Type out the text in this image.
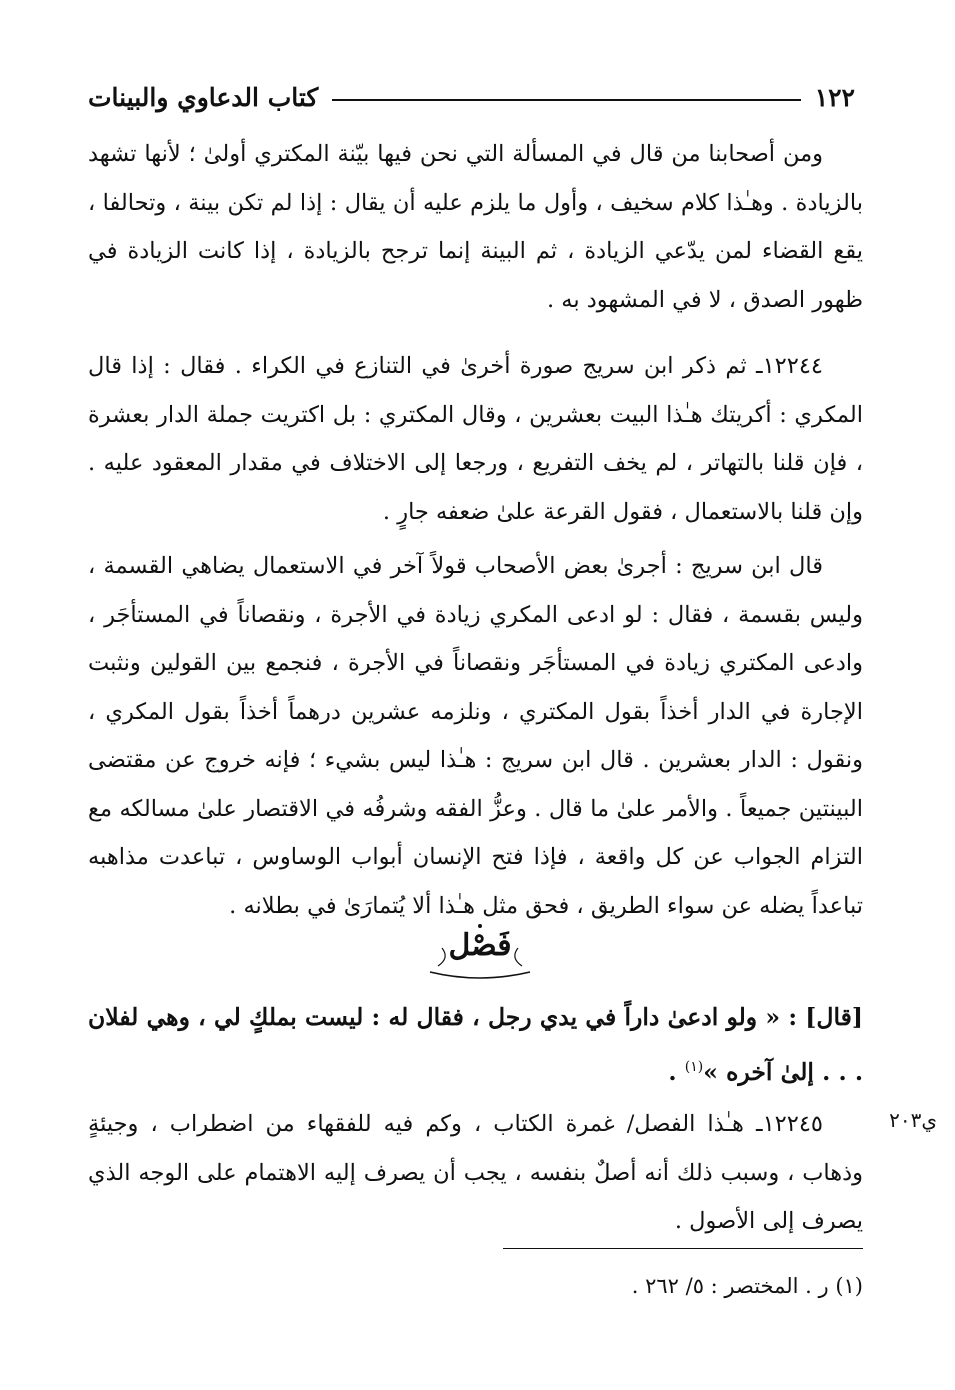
١٢٢
كتاب الدعاوي والبينات

ومن أصحابنا من قال في المسألة التي نحن فيها بيّنة المكتري أولىٰ ؛ لأنها تشهد بالزيادة . وهـٰذا كلام سخيف ، وأول ما يلزم عليه أن يقال : إذا لم تكن بينة ، وتحالفا ، يقع القضاء لمن يدّعي الزيادة ، ثم البينة إنما ترجح بالزيادة ، إذا كانت الزيادة في ظهور الصدق ، لا في المشهود به .

١٢٢٤٤ـ ثم ذكر ابن سريج صورة أخرىٰ في التنازع في الكراء . فقال : إذا قال المكري : أكريتك هـٰذا البيت بعشرين ، وقال المكتري : بل اكتريت جملة الدار بعشرة ، فإن قلنا بالتهاتر ، لم يخف التفريع ، ورجعا إلى الاختلاف في مقدار المعقود عليه . وإن قلنا بالاستعمال ، فقول القرعة علىٰ ضعفه جارٍ .

قال ابن سريج : أجرىٰ بعض الأصحاب قولاً آخر في الاستعمال يضاهي القسمة ، وليس بقسمة ، فقال : لو ادعى المكري زيادة في الأجرة ، ونقصاناً في المستأجَر ، وادعى المكتري زيادة في المستأجَر ونقصاناً في الأجرة ، فنجمع بين القولين ونثبت الإجارة في الدار أخذاً بقول المكتري ، ونلزمه عشرين درهماً أخذاً بقول المكري ، ونقول : الدار بعشرين . قال ابن سريج : هـٰذا ليس بشيء ؛ فإنه خروج عن مقتضى البينتين جميعاً . والأمر علىٰ ما قال . وعزُّ الفقه وشرفُه في الاقتصار علىٰ مسالكه مع التزام الجواب عن كل واقعة ، فإذا فتح الإنسان أبواب الوساوس ، تباعدت مذاهبه تباعداً يضله عن سواء الطريق ، فحق مثل هـٰذا ألا يُتمارَىٰ في بطلانه .

فَصْل
[قال] : « ولو ادعىٰ داراً في يدي رجل ، فقال له : ليست بملكٍ لي ، وهي لفلان . . . إلىٰ آخره »$^{(١)}$ .
ي٢٠٣

١٢٢٤٥ـ هـٰذا الفصل/ غمرة الكتاب ، وكم فيه للفقهاء من اضطراب ، وجيئةٍ وذهاب ، وسبب ذلك أنه أصلٌ بنفسه ، يجب أن يصرف إليه الاهتمام على الوجه الذي يصرف إلى الأصول .

(١) ر . المختصر : ٥/ ٢٦٢ .
